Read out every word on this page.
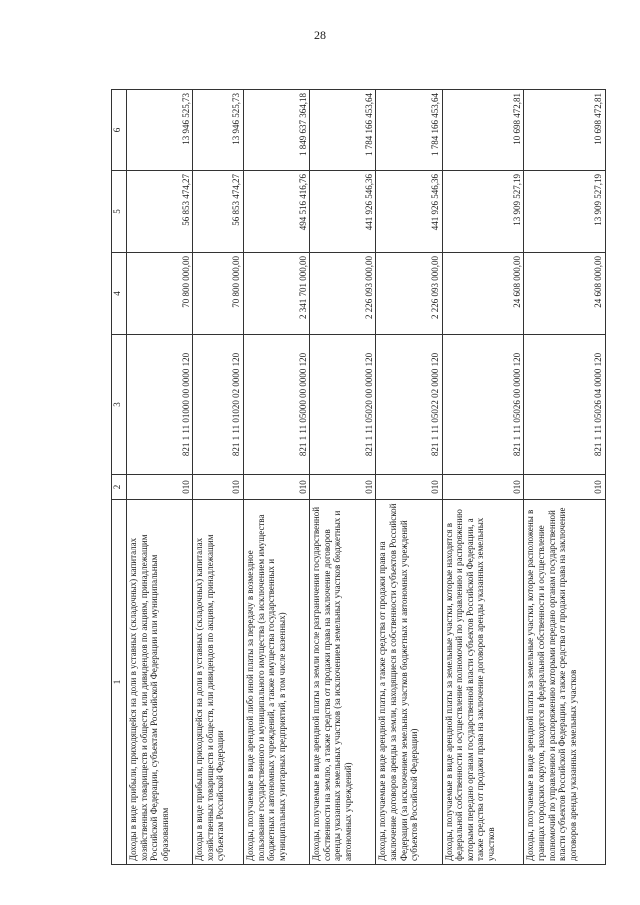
28
1	2	3	4	5	6
Доходы в виде прибыли, приходящейся на доли в уставных (складочных) капиталах хозяйственных товариществ и обществ, или дивидендов по акциям, принадлежащим Российской Федерации, субъектам Российской Федерации или муниципальным образованиям	010	821 1 11 01000 00 0000 120	70 800 000,00	56 853 474,27	13 946 525,73
Доходы в виде прибыли, приходящейся на доли в уставных (складочных) капиталах хозяйственных товариществ и обществ, или дивидендов по акциям, принадлежащим субъектам Российской Федерации	010	821 1 11 01020 02 0000 120	70 800 000,00	56 853 474,27	13 946 525,73
Доходы, получаемые в виде арендной либо иной платы за передачу в возмездное пользование государственного и муниципального имущества (за исключением имущества бюджетных и автономных учреждений, а также имущества государственных и муниципальных унитарных предприятий, в том числе казенных)	010	821 1 11 05000 00 0000 120	2 341 701 000,00	494 516 416,76	1 849 637 364,18
Доходы, получаемые в виде арендной платы за земли после разграничения государственной собственности на землю, а также средства от продажи права на заключение договоров аренды указанных земельных участков (за исключением земельных участков бюджетных и автономных учреждений)	010	821 1 11 05020 00 0000 120	2 226 093 000,00	441 926 546,36	1 784 166 453,64
Доходы, получаемые в виде арендной платы, а также средства от продажи права на заключение договоров аренды за земли, находящиеся в собственности субъектов Российской Федерации (за исключением земельных участков бюджетных и автономных учреждений субъектов Российской Федерации)	010	821 1 11 05022 02 0000 120	2 226 093 000,00	441 926 546,36	1 784 166 453,64
Доходы, получаемые в виде арендной платы за земельные участки, которые находятся в федеральной собственности и осуществление полномочий по управлению и распоряжению которыми передано органам государственной власти субъектов Российской Федерации, а также средства от продажи права на заключение договоров аренды указанных земельных участков	010	821 1 11 05026 00 0000 120	24 608 000,00	13 909 527,19	10 698 472,81
Доходы, получаемые в виде арендной платы за земельные участки, которые расположены в границах городских округов, находятся в федеральной собственности и осуществление полномочий по управлению и распоряжению которыми передано органам государственной власти субъектов Российской Федерации, а также средства от продажи права на заключение договоров аренды указанных земельных участков	010	821 1 11 05026 04 0000 120	24 608 000,00	13 909 527,19	10 698 472,81
